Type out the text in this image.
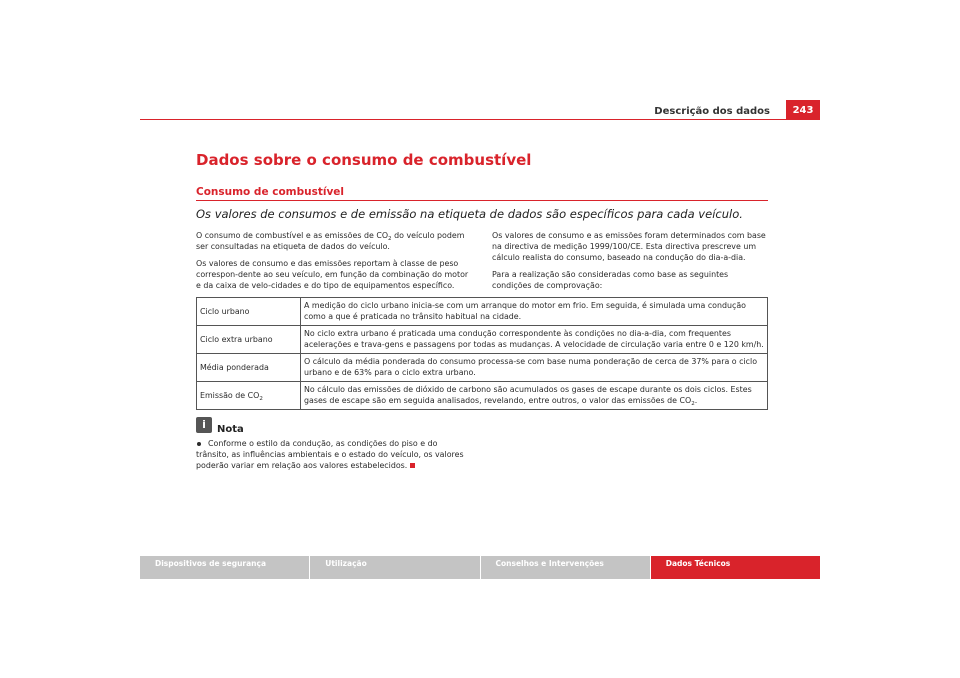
Descrição dos dados	243
Dados sobre o consumo de combustível
Consumo de combustível
Os valores de consumos e de emissão na etiqueta de dados são específicos para cada veículo.

O consumo de combustível e as emissões de $CO_2$ do veículo podem ser consultadas na etiqueta de dados do veículo.

Os valores de consumo e das emissões reportam à classe de peso correspon-dente ao seu veículo, em função da combinação do motor e da caixa de velo-cidades e do tipo de equipamentos específico.

Os valores de consumo e as emissões foram determinados com base na directiva de medição 1999/100/CE. Esta directiva prescreve um cálculo realista do consumo, baseado na condução do dia-a-dia.

Para a realização são consideradas como base as seguintes condições de comprovação:

Ciclo urbano	A medição do ciclo urbano inicia-se com um arranque do motor em frio. Em seguida, é simulada uma condução como a que é praticada no trânsito habitual na cidade.
Ciclo extra urbano	No ciclo extra urbano é praticada uma condução correspondente às condições no dia-a-dia, com frequentes acelerações e trava-gens e passagens por todas as mudanças. A velocidade de circulação varia entre 0 e 120 km/h.
Média ponderada	O cálculo da média ponderada do consumo processa-se com base numa ponderação de cerca de 37% para o ciclo urbano e de 63% para o ciclo extra urbano.
Emissão de $CO_2$	No cálculo das emissões de dióxido de carbono são acumulados os gases de escape durante os dois ciclos. Estes gases de escape são em seguida analisados, revelando, entre outros, o valor das emissões de $CO_2$.
i	Nota
Conforme o estilo da condução, as condições do piso e do trânsito, as influências ambientais e o estado do veículo, os valores poderão variar em relação aos valores estabelecidos.
Dispositivos de segurança	Utilização	Conselhos e Intervenções	Dados Técnicos
